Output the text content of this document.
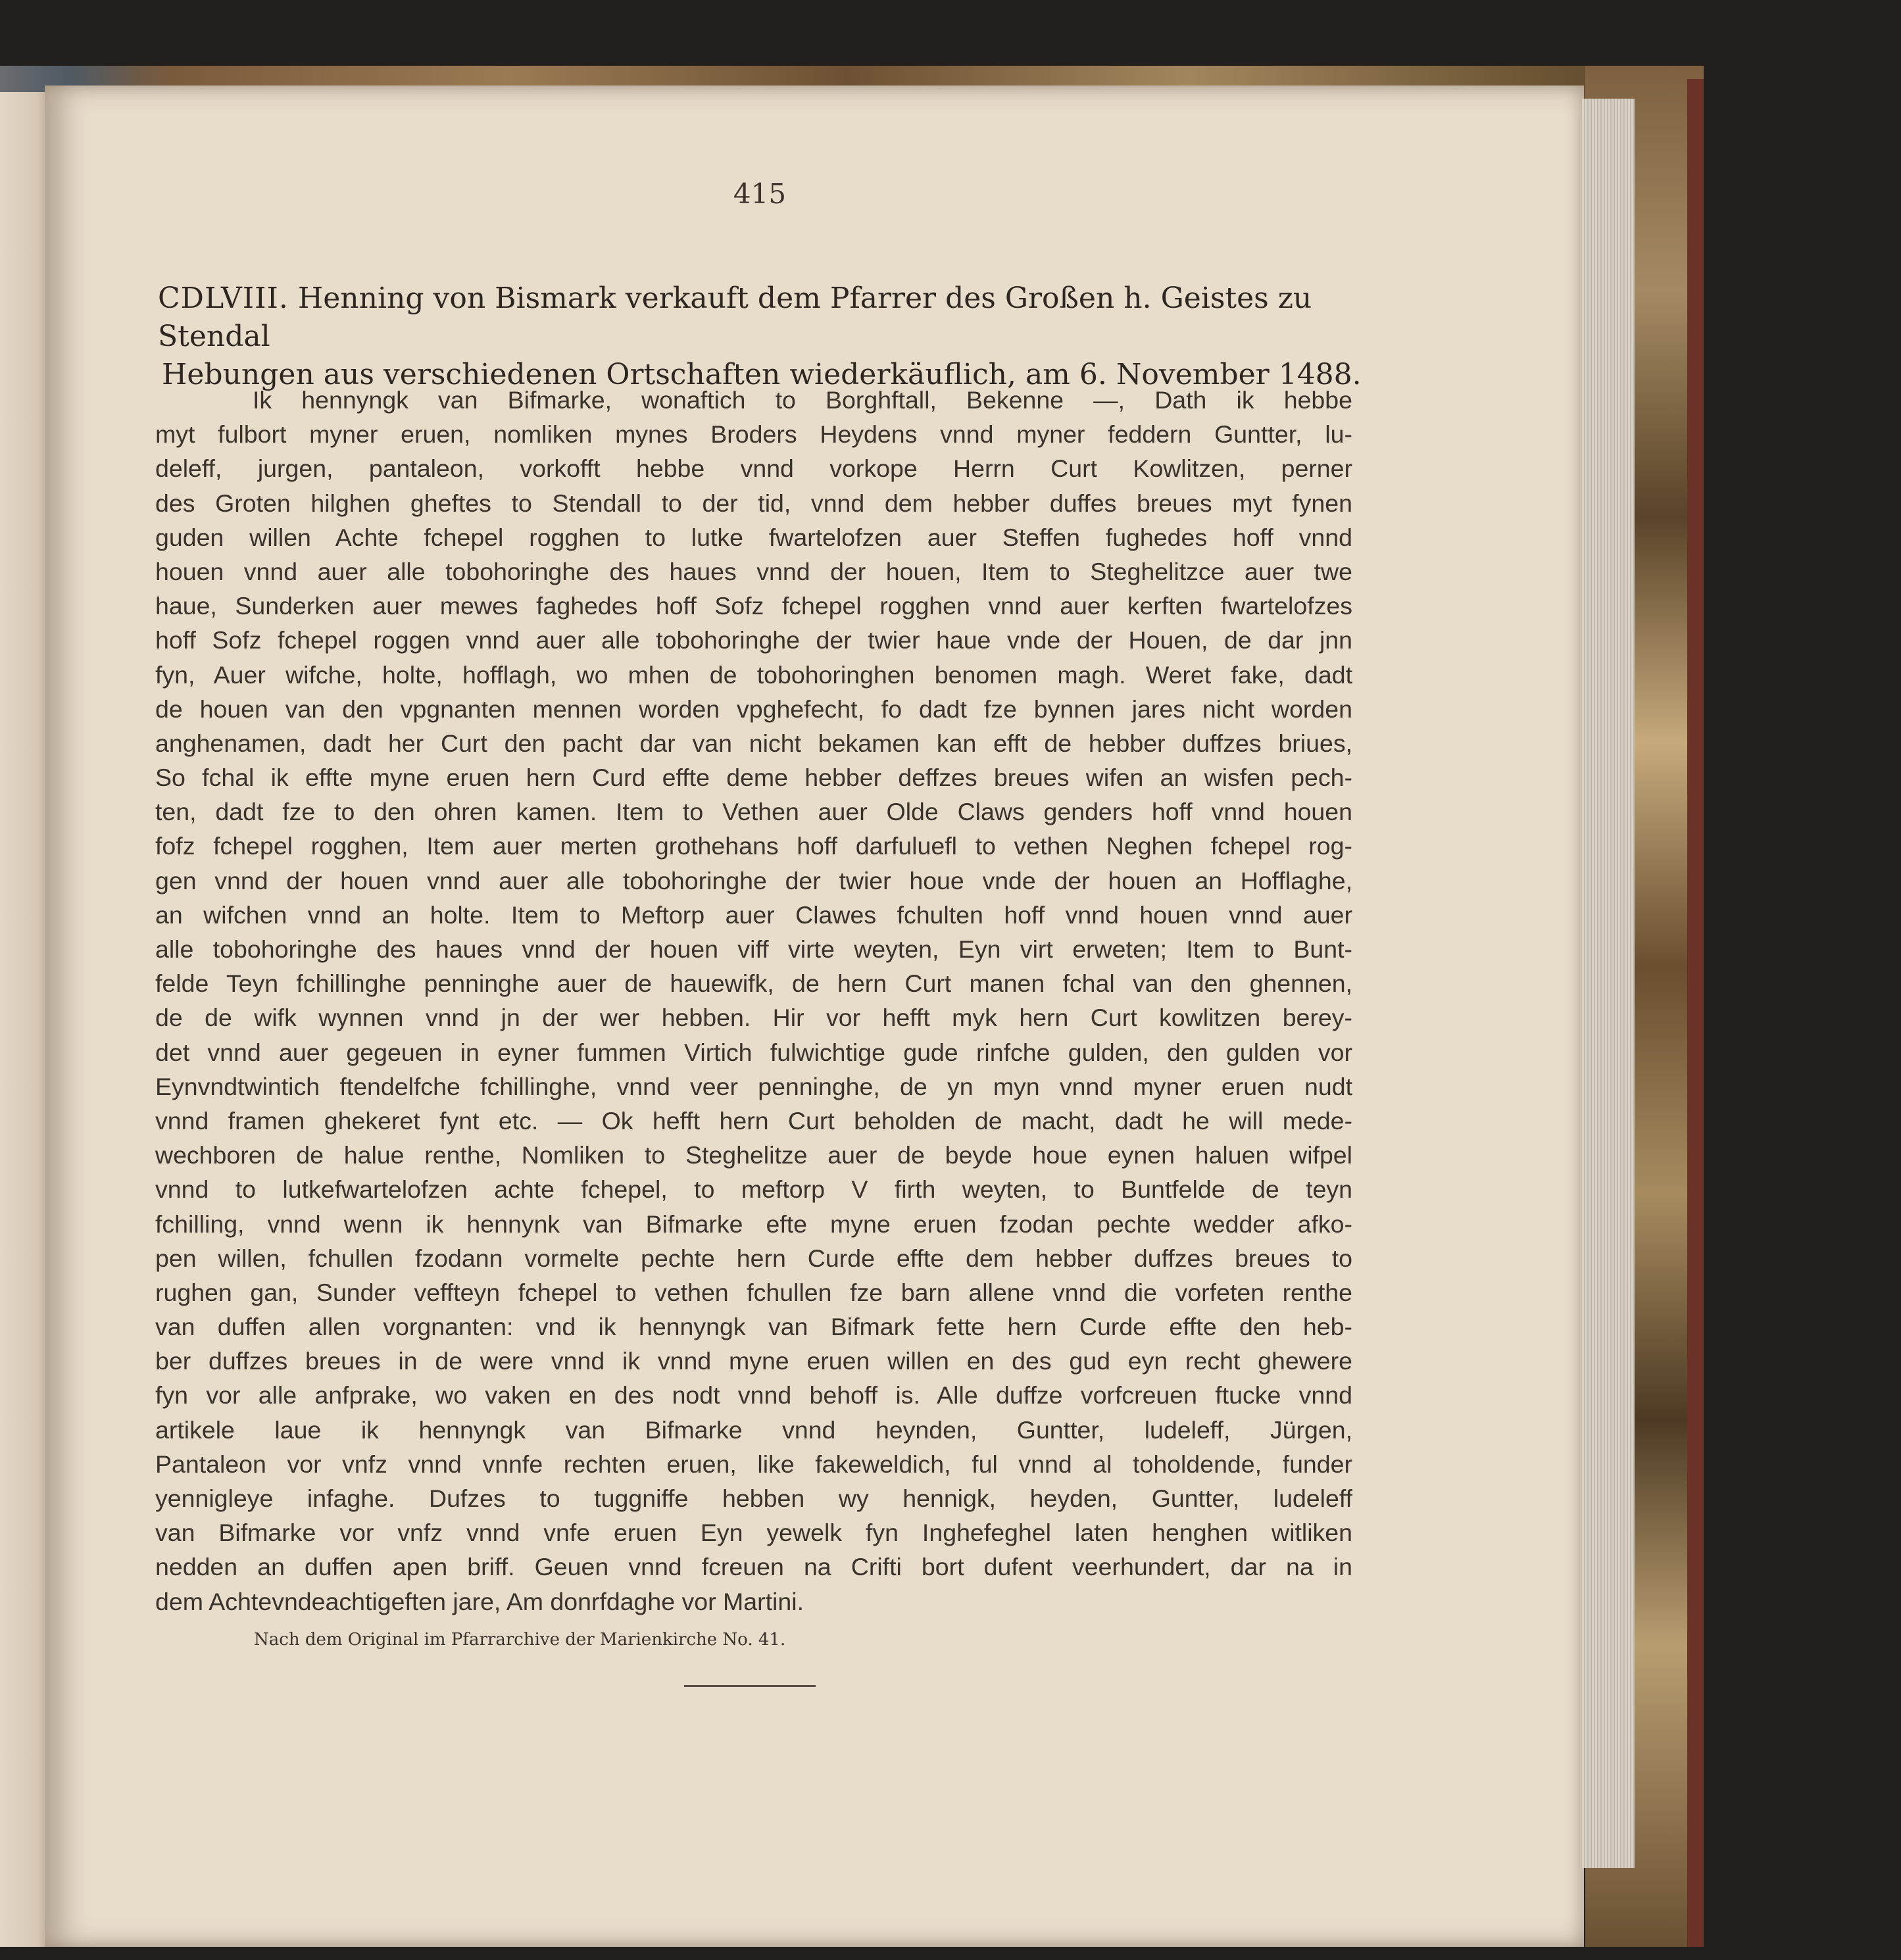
415
CDLVIII. Henning von Bismark verkauft dem Pfarrer des Großen h. Geistes zu Stendal
Hebungen aus verschiedenen Ortschaften wiederkäuflich, am 6. November 1488.
Ik hennyngk van Bifmarke, wonaftich to Borghftall, Bekenne —, Dath ik hebbe
myt fulbort myner eruen, nomliken mynes Broders Heydens vnnd myner feddern Guntter, lu-
deleff, jurgen, pantaleon, vorkofft hebbe vnnd vorkope Herrn Curt Kowlitzen, perner
des Groten hilghen gheftes to Stendall to der tid, vnnd dem hebber duffes breues myt fynen
guden willen Achte fchepel rogghen to lutke fwartelofzen auer Steffen fughedes hoff vnnd
houen vnnd auer alle tobohoringhe des haues vnnd der houen, Item to Steghelitzce auer twe
haue, Sunderken auer mewes faghedes hoff Sofz fchepel rogghen vnnd auer kerften fwartelofzes
hoff Sofz fchepel roggen vnnd auer alle tobohoringhe der twier haue vnde der Houen, de dar jnn
fyn, Auer wifche, holte, hofflagh, wo mhen de tobohoringhen benomen magh. Weret fake, dadt
de houen van den vpgnanten mennen worden vpghefecht, fo dadt fze bynnen jares nicht worden
anghenamen, dadt her Curt den pacht dar van nicht bekamen kan efft de hebber duffzes briues,
So fchal ik effte myne eruen hern Curd effte deme hebber deffzes breues wifen an wisfen pech-
ten, dadt fze to den ohren kamen. Item to Vethen auer Olde Claws genders hoff vnnd houen
fofz fchepel rogghen, Item auer merten grothehans hoff darfuluefl to vethen Neghen fchepel rog-
gen vnnd der houen vnnd auer alle tobohoringhe der twier houe vnde der houen an Hofflaghe,
an wifchen vnnd an holte. Item to Meftorp auer Clawes fchulten hoff vnnd houen vnnd auer
alle tobohoringhe des haues vnnd der houen viff virte weyten, Eyn virt erweten; Item to Bunt-
felde Teyn fchillinghe penninghe auer de hauewifk, de hern Curt manen fchal van den ghennen,
de de wifk wynnen vnnd jn der wer hebben. Hir vor hefft myk hern Curt kowlitzen berey-
det vnnd auer gegeuen in eyner fummen Virtich fulwichtige gude rinfche gulden, den gulden vor
Eynvndtwintich ftendelfche fchillinghe, vnnd veer penninghe, de yn myn vnnd myner eruen nudt
vnnd framen ghekeret fynt etc. — Ok hefft hern Curt beholden de macht, dadt he will mede-
wechboren de halue renthe, Nomliken to Steghelitze auer de beyde houe eynen haluen wifpel
vnnd to lutkefwartelofzen achte fchepel, to meftorp V firth weyten, to Buntfelde de teyn
fchilling, vnnd wenn ik hennynk van Bifmarke efte myne eruen fzodan pechte wedder afko-
pen willen, fchullen fzodann vormelte pechte hern Curde effte dem hebber duffzes breues to
rughen gan, Sunder veffteyn fchepel to vethen fchullen fze barn allene vnnd die vorfeten renthe
van duffen allen vorgnanten: vnd ik hennyngk van Bifmark fette hern Curde effte den heb-
ber duffzes breues in de were vnnd ik vnnd myne eruen willen en des gud eyn recht ghewere
fyn vor alle anfprake, wo vaken en des nodt vnnd behoff is. Alle duffze vorfcreuen ftucke vnnd
artikele laue ik hennyngk van Bifmarke vnnd heynden, Guntter, ludeleff, Jürgen,
Pantaleon vor vnfz vnnd vnnfe rechten eruen, like fakeweldich, ful vnnd al toholdende, funder
yennigleye infaghe. Dufzes to tuggniffe hebben wy hennigk, heyden, Guntter, ludeleff
van Bifmarke vor vnfz vnnd vnfe eruen Eyn yewelk fyn Inghefeghel laten henghen witliken
nedden an duffen apen briff. Geuen vnnd fcreuen na Crifti bort dufent veerhundert, dar na in
dem Achtevndeachtigeften jare, Am donrfdaghe vor Martini.
Nach dem Original im Pfarrarchive der Marienkirche No. 41.
